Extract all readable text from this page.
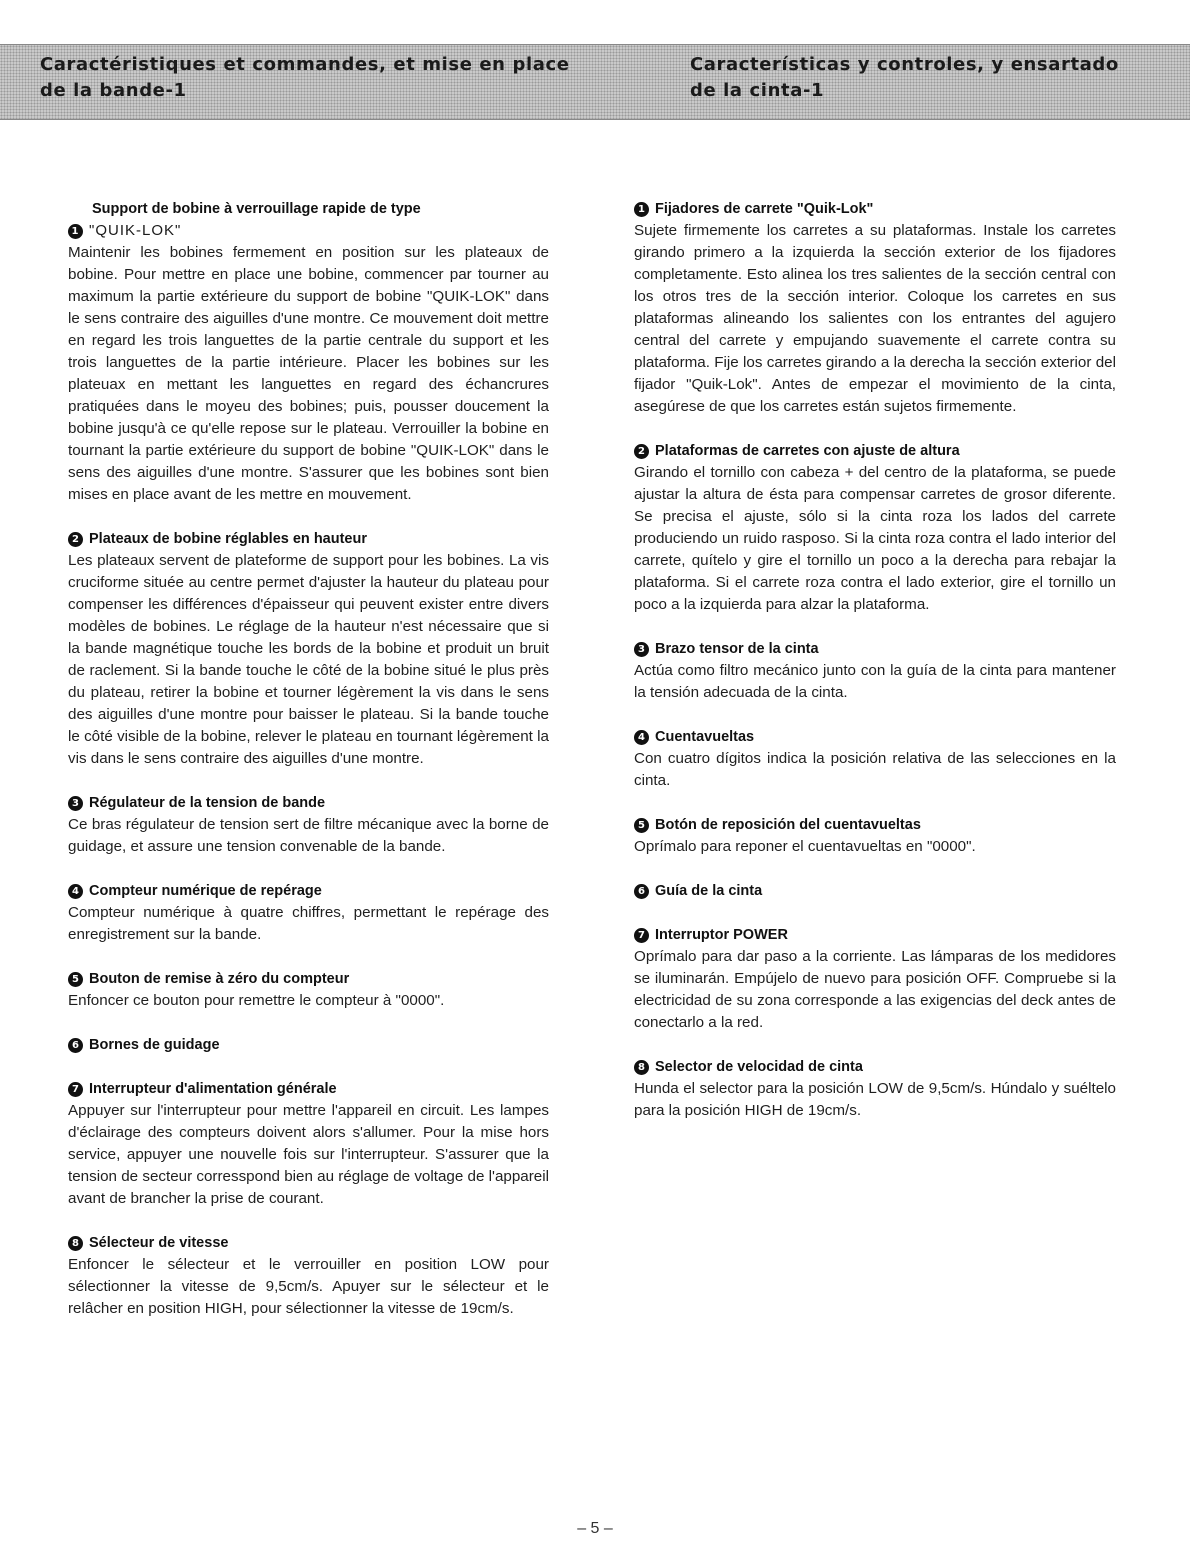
Caractéristiques et commandes, et mise en place de la bande-1
Características y controles, y ensartado de la cinta-1

Support de bobine à verrouillage rapide de type

1 "QUIK-LOK"

Maintenir les bobines fermement en position sur les plateaux de bobine. Pour mettre en place une bobine, commencer par tourner au maximum la partie extérieure du support de bobine "QUIK-LOK" dans le sens contraire des aiguilles d'une montre. Ce mouvement doit mettre en regard les trois languettes de la partie centrale du support et les trois languettes de la partie intérieure. Placer les bobines sur les plateuax en mettant les languettes en regard des échancrures pratiquées dans le moyeu des bobines; puis, pousser doucement la bobine jusqu'à ce qu'elle repose sur le plateau. Verrouiller la bobine en tournant la partie extérieure du support de bobine "QUIK-LOK" dans le sens des aiguilles d'une montre. S'assurer que les bobines sont bien mises en place avant de les mettre en mouvement.

2 Plateaux de bobine réglables en hauteur

Les plateaux servent de plateforme de support pour les bobines. La vis cruciforme située au centre permet d'ajuster la hauteur du plateau pour compenser les différences d'épaisseur qui peuvent exister entre divers modèles de bobines. Le réglage de la hauteur n'est nécessaire que si la bande magnétique touche les bords de la bobine et produit un bruit de raclement. Si la bande touche le côté de la bobine situé le plus près du plateau, retirer la bobine et tourner légèrement la vis dans le sens des aiguilles d'une montre pour baisser le plateau. Si la bande touche le côté visible de la bobine, relever le plateau en tournant légèrement la vis dans le sens contraire des aiguilles d'une montre.

3 Régulateur de la tension de bande

Ce bras régulateur de tension sert de filtre mécanique avec la borne de guidage, et assure une tension convenable de la bande.

4 Compteur numérique de repérage

Compteur numérique à quatre chiffres, permettant le repérage des enregistrement sur la bande.

5 Bouton de remise à zéro du compteur

Enfoncer ce bouton pour remettre le compteur à "0000".

6 Bornes de guidage

7 Interrupteur d'alimentation générale

Appuyer sur l'interrupteur pour mettre l'appareil en circuit. Les lampes d'éclairage des compteurs doivent alors s'allumer. Pour la mise hors service, appuyer une nouvelle fois sur l'interrupteur. S'assurer que la tension de secteur corresspond bien au réglage de voltage de l'appareil avant de brancher la prise de courant.

8 Sélecteur de vitesse

Enfoncer le sélecteur et le verrouiller en position LOW pour sélectionner la vitesse de 9,5cm/s. Apuyer sur le sélecteur et le relâcher en position HIGH, pour sélectionner la vitesse de 19cm/s.

1 Fijadores de carrete "Quik-Lok"

Sujete firmemente los carretes a su plataformas. Instale los carretes girando primero a la izquierda la sección exterior de los fijadores completamente. Esto alinea los tres salientes de la sección central con los otros tres de la sección interior. Coloque los carretes en sus plataformas alineando los salientes con los entrantes del agujero central del carrete y empujando suavemente el carrete contra su plataforma. Fije los carretes girando a la derecha la sección exterior del fijador "Quik-Lok". Antes de empezar el movimiento de la cinta, asegúrese de que los carretes están sujetos firmemente.

2 Plataformas de carretes con ajuste de altura

Girando el tornillo con cabeza + del centro de la plataforma, se puede ajustar la altura de ésta para compensar carretes de grosor diferente. Se precisa el ajuste, sólo si la cinta roza los lados del carrete produciendo un ruido rasposo. Si la cinta roza contra el lado interior del carrete, quítelo y gire el tornillo un poco a la derecha para rebajar la plataforma. Si el carrete roza contra el lado exterior, gire el tornillo un poco a la izquierda para alzar la plataforma.

3 Brazo tensor de la cinta

Actúa como filtro mecánico junto con la guía de la cinta para mantener la tensión adecuada de la cinta.

4 Cuentavueltas

Con cuatro dígitos indica la posición relativa de las selecciones en la cinta.

5 Botón de reposición del cuentavueltas

Oprímalo para reponer el cuentavueltas en "0000".

6 Guía de la cinta

7 Interruptor POWER

Oprímalo para dar paso a la corriente. Las lámparas de los medidores se iluminarán. Empújelo de nuevo para posición OFF. Compruebe si la electricidad de su zona corresponde a las exigencias del deck antes de conectarlo a la red.

8 Selector de velocidad de cinta

Hunda el selector para la posición LOW de 9,5cm/s. Húndalo y suéltelo para la posición HIGH de 19cm/s.

– 5 –
